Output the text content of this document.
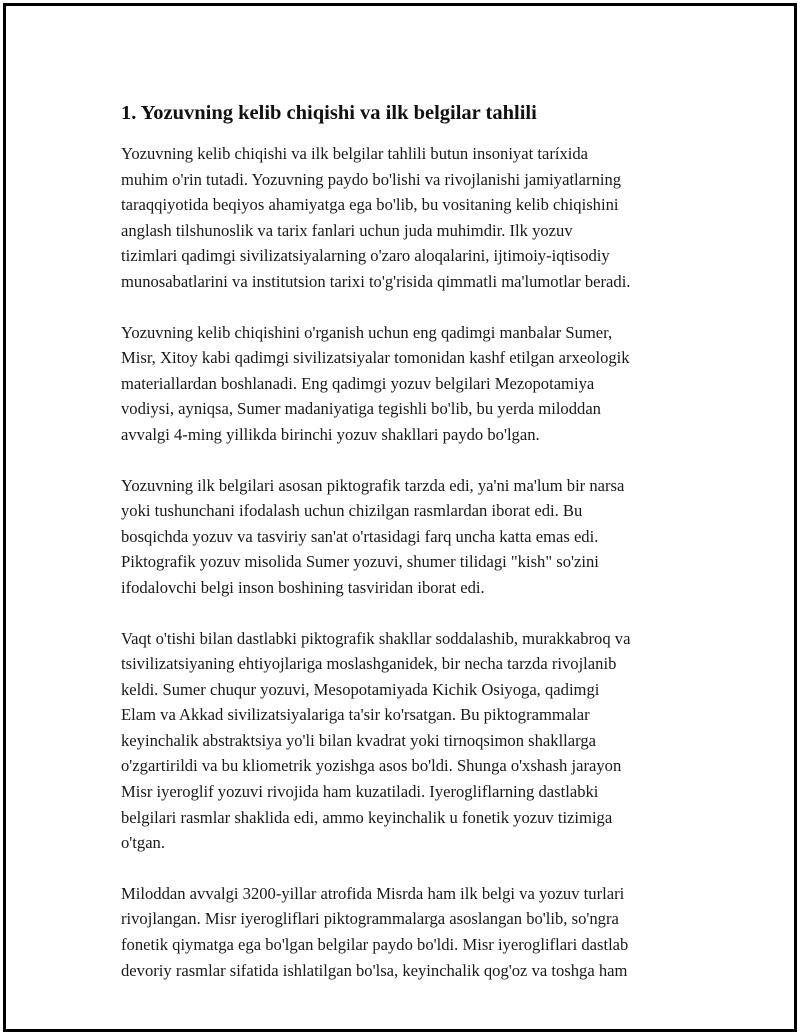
1. Yozuvning kelib chiqishi va ilk belgilar tahlili

Yozuvning kelib chiqishi va ilk belgilar tahlili butun insoniyat taríxida
muhim o'rin tutadi. Yozuvning paydo bo'lishi va rivojlanishi jamiyatlarning
taraqqiyotida beqiyos ahamiyatga ega bo'lib, bu vositaning kelib chiqishini
anglash tilshunoslik va tarix fanlari uchun juda muhimdir. Ilk yozuv
tizimlari qadimgi sivilizatsiyalarning o'zaro aloqalarini, ijtimoiy-iqtisodiy
munosabatlarini va institutsion tarixi to'g'risida qimmatli ma'lumotlar beradi.

Yozuvning kelib chiqishini o'rganish uchun eng qadimgi manbalar Sumer,
Misr, Xitoy kabi qadimgi sivilizatsiyalar tomonidan kashf etilgan arxeologik
materiallardan boshlanadi. Eng qadimgi yozuv belgilari Mezopotamiya
vodiysi, ayniqsa, Sumer madaniyatiga tegishli bo'lib, bu yerda miloddan
avvalgi 4-ming yillikda birinchi yozuv shakllari paydo bo'lgan.

Yozuvning ilk belgilari asosan piktografik tarzda edi, ya'ni ma'lum bir narsa
yoki tushunchani ifodalash uchun chizilgan rasmlardan iborat edi. Bu
bosqichda yozuv va tasviriy san'at o'rtasidagi farq uncha katta emas edi.
Piktografik yozuv misolida Sumer yozuvi, shumer tilidagi "kish" so'zini
ifodalovchi belgi inson boshining tasviridan iborat edi.

Vaqt o'tishi bilan dastlabki piktografik shakllar soddalashib, murakkabroq va
tsivilizatsiyaning ehtiyojlariga moslashganidek, bir necha tarzda rivojlanib
keldi. Sumer chuqur yozuvi, Mesopotamiyada Kichik Osiyoga, qadimgi
Elam va Akkad sivilizatsiyalariga ta'sir ko'rsatgan. Bu piktogrammalar
keyinchalik abstraktsiya yo'li bilan kvadrat yoki tirnoqsimon shakllarga
o'zgartirildi va bu kliometrik yozishga asos bo'ldi. Shunga o'xshash jarayon
Misr iyeroglif yozuvi rivojida ham kuzatiladi. Iyerogliflarning dastlabki
belgilari rasmlar shaklida edi, ammo keyinchalik u fonetik yozuv tizimiga
o'tgan.

Miloddan avvalgi 3200-yillar atrofida Misrda ham ilk belgi va yozuv turlari
rivojlangan. Misr iyerogliflari piktogrammalarga asoslangan bo'lib, so'ngra
fonetik qiymatga ega bo'lgan belgilar paydo bo'ldi. Misr iyerogliflari dastlab
devoriy rasmlar sifatida ishlatilgan bo'lsa, keyinchalik qog'oz va toshga ham
